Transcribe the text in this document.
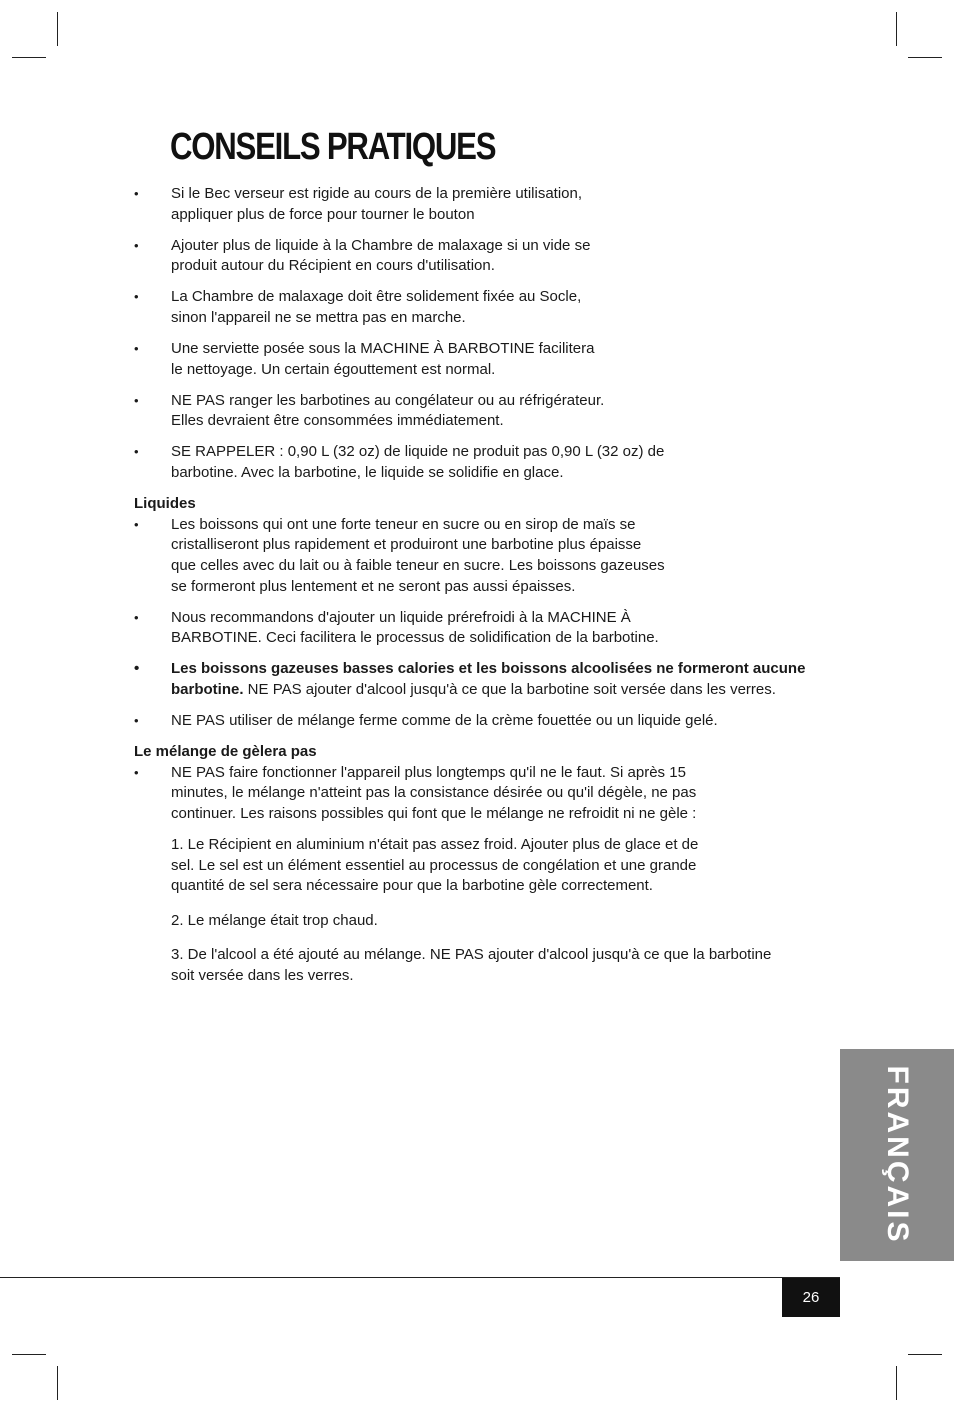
CONSEILS PRATIQUES
• Si le Bec verseur est rigide au cours de la première utilisation,
appliquer plus de force pour tourner le bouton
• Ajouter plus de liquide à la Chambre de malaxage si un vide se
produit autour du Récipient en cours d'utilisation.
• La Chambre de malaxage doit être solidement fixée au Socle,
sinon l'appareil ne se mettra pas en marche.
• Une serviette posée sous la MACHINE À BARBOTINE facilitera
le nettoyage. Un certain égouttement est normal.
• NE PAS ranger les barbotines au congélateur ou au réfrigérateur.
Elles devraient être consommées immédiatement.
• SE RAPPELER : 0,90 L (32 oz) de liquide ne produit pas 0,90 L (32 oz) de
barbotine. Avec la barbotine, le liquide se solidifie en glace.

Liquides

• Les boissons qui ont une forte teneur en sucre ou en sirop de maïs se
cristalliseront plus rapidement et produiront une barbotine plus épaisse
que celles avec du lait ou à faible teneur en sucre. Les boissons gazeuses
se formeront plus lentement et ne seront pas aussi épaisses.
• Nous recommandons d'ajouter un liquide prérefroidi à la MACHINE À
BARBOTINE. Ceci facilitera le processus de solidification de la barbotine.
• Les boissons gazeuses basses calories et les boissons alcoolisées ne formeront aucune
barbotine. NE PAS ajouter d'alcool jusqu'à ce que la barbotine soit versée dans les verres.
• NE PAS utiliser de mélange ferme comme de la crème fouettée ou un liquide gelé.

Le mélange de gèlera pas

• NE PAS faire fonctionner l'appareil plus longtemps qu'il ne le faut. Si après 15
minutes, le mélange n'atteint pas la consistance désirée ou qu'il dégèle, ne pas
continuer. Les raisons possibles qui font que le mélange ne refroidit ni ne gèle :

1. Le Récipient en aluminium n'était pas assez froid. Ajouter plus de glace et de
sel. Le sel est un élément essentiel au processus de congélation et une grande
quantité de sel sera nécessaire pour que la barbotine gèle correctement.

2. Le mélange était trop chaud.

3. De l'alcool a été ajouté au mélange. NE PAS ajouter d'alcool jusqu'à ce que la barbotine
soit versée dans les verres.

FRANÇAIS
26
